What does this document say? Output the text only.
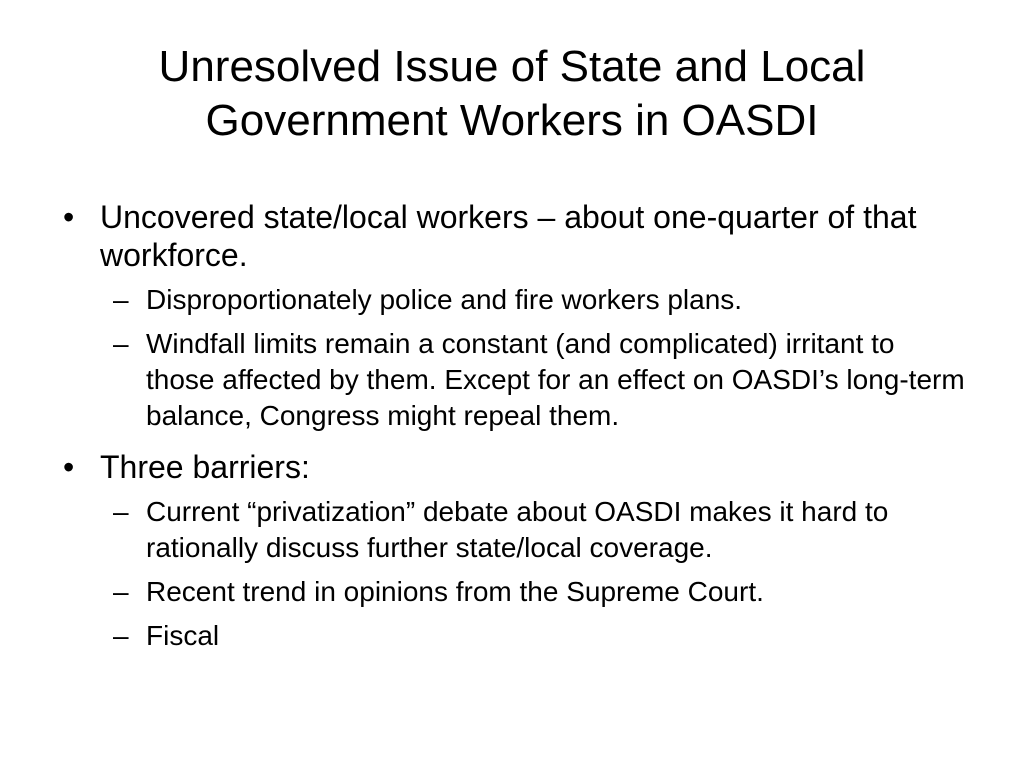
Unresolved Issue of State and Local
Government Workers in OASDI
• Uncovered state/local workers – about one-quarter of that workforce.
– Disproportionately police and fire workers plans.
– Windfall limits remain a constant (and complicated) irritant to those affected by them. Except for an effect on OASDI’s long-term balance, Congress might repeal them.
• Three barriers:
– Current “privatization” debate about OASDI makes it hard to rationally discuss further state/local coverage.
– Recent trend in opinions from the Supreme Court.
– Fiscal
